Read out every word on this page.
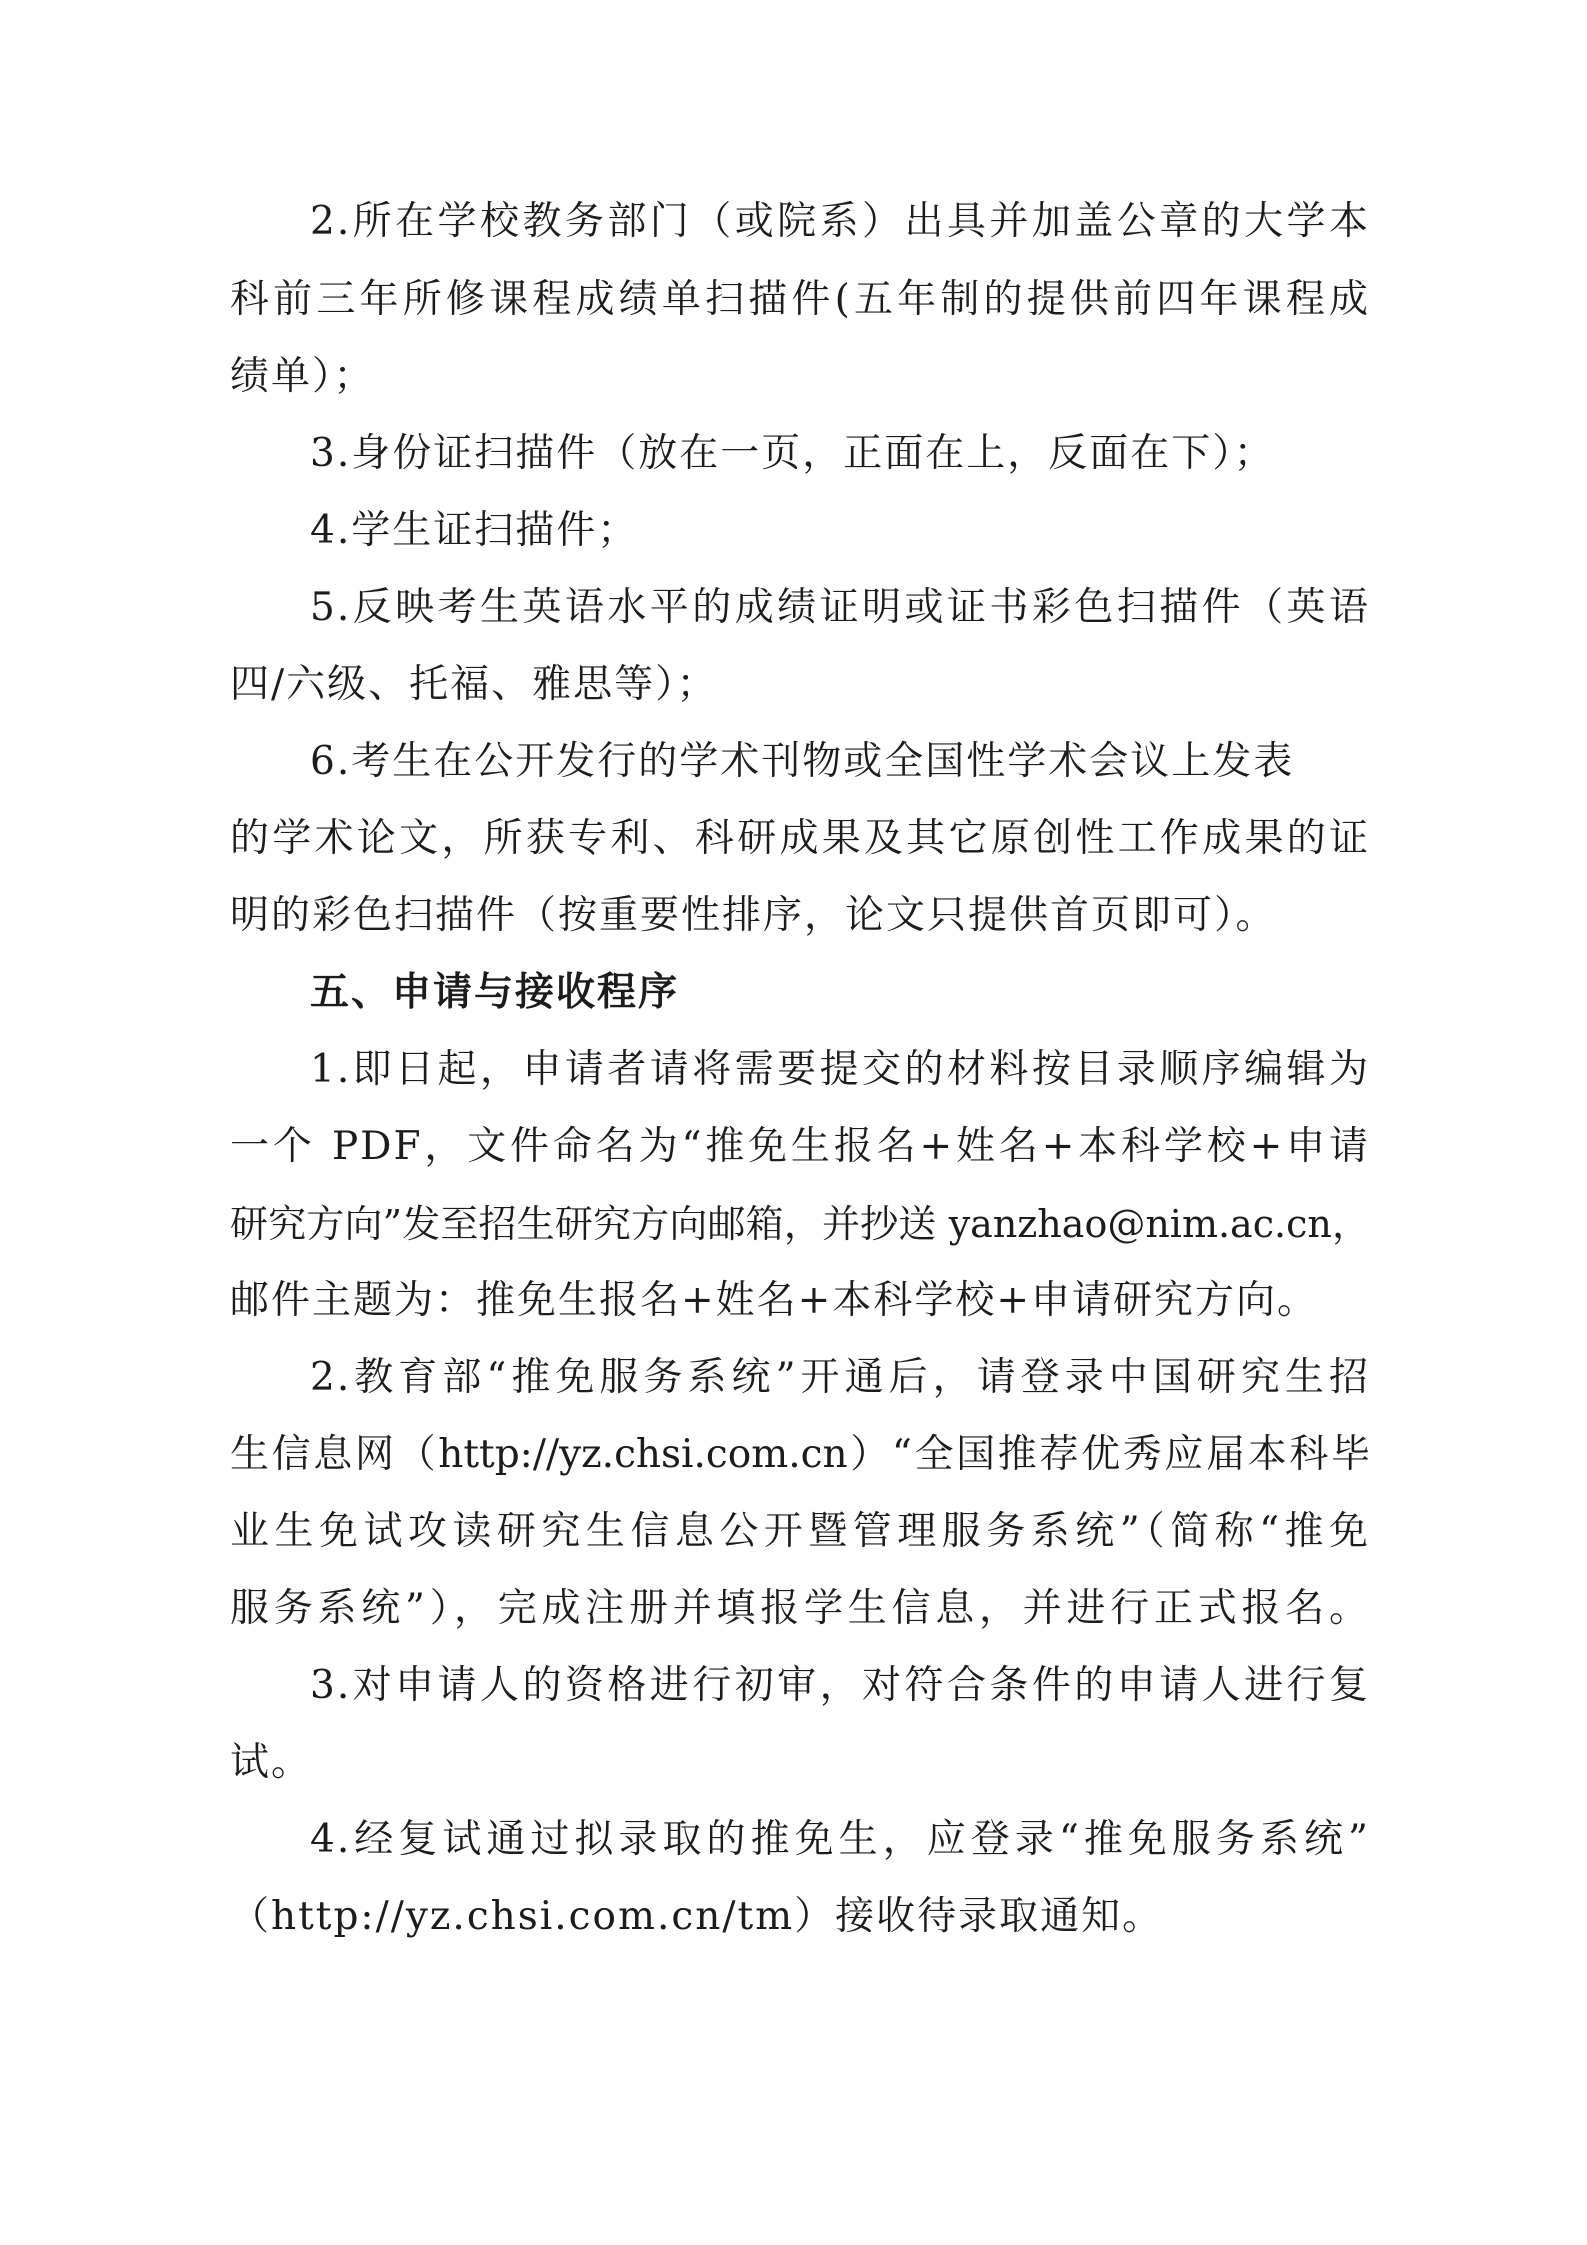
2.所在学校教务部门（或院系）出具并加盖公章的大学本
科前三年所修课程成绩单扫描件(五年制的提供前四年课程成
绩单）；
3.身份证扫描件（放在一页，正面在上，反面在下）；
4.学生证扫描件；
5.反映考生英语水平的成绩证明或证书彩色扫描件（英语
四/六级、托福、雅思等）；
6.考生在公开发行的学术刊物或全国性学术会议上发表
的学术论文，所获专利、科研成果及其它原创性工作成果的证
明的彩色扫描件（按重要性排序，论文只提供首页即可）。
五、申请与接收程序
1.即日起，申请者请将需要提交的材料按目录顺序编辑为
一个 PDF，文件命名为“推免生报名+姓名+本科学校+申请
研究方向”发至招生研究方向邮箱，并抄送 yanzhao@nim.ac.cn，
邮件主题为：推免生报名+姓名+本科学校+申请研究方向。
2.教育部“推免服务系统”开通后，请登录中国研究生招
生信息网（http://yz.chsi.com.cn）“全国推荐优秀应届本科毕
业生免试攻读研究生信息公开暨管理服务系统”（简称“推免
服务系统”），完成注册并填报学生信息，并进行正式报名。
3.对申请人的资格进行初审，对符合条件的申请人进行复
试。
4.经复试通过拟录取的推免生，应登录“推免服务系统”
（http://yz.chsi.com.cn/tm）接收待录取通知。
